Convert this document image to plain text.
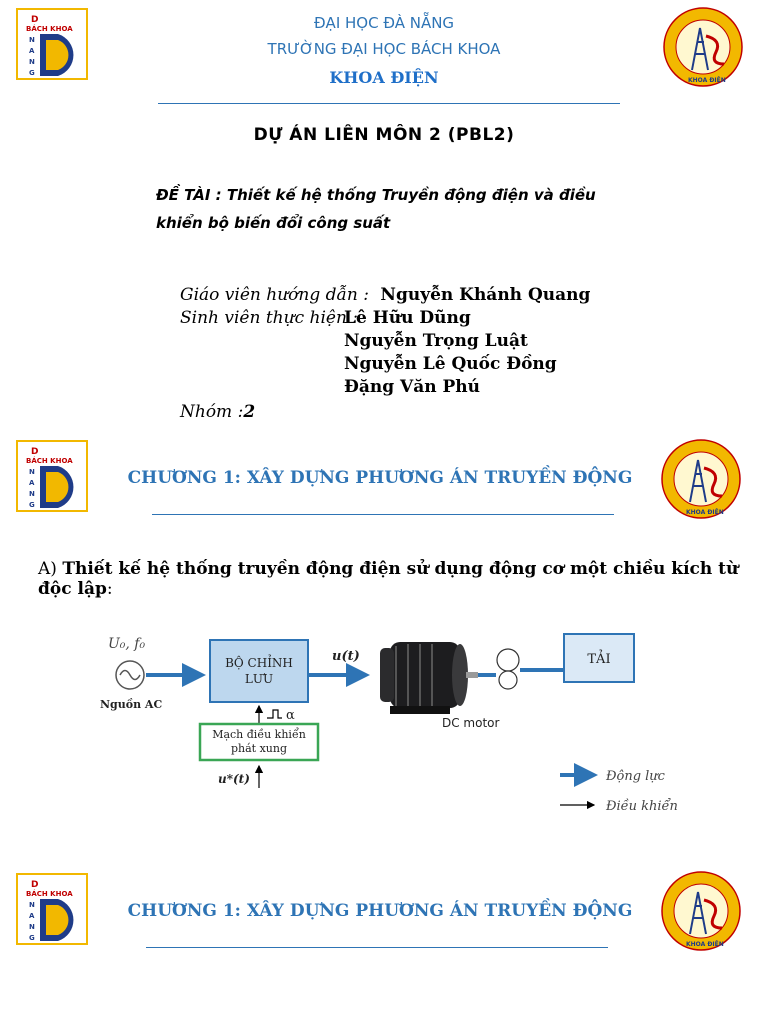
D
BÁCH KHOA
N
A
N
G
KHOA ĐIỆN
ĐẠI HỌC ĐÀ NẴNG
TRƯỜNG ĐẠI HỌC BÁCH KHOA
KHOA ĐIỆN
DỰ ÁN LIÊN MÔN 2 (PBL2)
ĐỀ TÀI : Thiết kế hệ thống Truyền động điện và điều
khiển bộ biến đổi công suất
Giáo viên hướng dẫn : Nguyễn Khánh Quang
Sinh viên thực hiện :
Lê Hữu Dũng
Nguyễn Trọng Luật
Nguyễn Lê Quốc Đồng
Đặng Văn Phú
Nhóm :2
D
BÁCH KHOA
N
A
N
G
KHOA ĐIỆN
CHƯƠNG 1: XÂY DỰNG PHƯƠNG ÁN TRUYỀN ĐỘNG
A) Thiết kế hệ thống truyền động điện sử dụng động cơ một chiều kích từ độc lập:
U₀, f₀
Nguồn AC
BỘ CHỈNH
LƯU
u(t)
α
Mạch điều khiển
phát xung
u*(t)
DC motor
TẢI
Động lực
Điều khiển
D
BÁCH KHOA
N
A
N
G
KHOA ĐIỆN
CHƯƠNG 1: XÂY DỰNG PHƯƠNG ÁN TRUYỀN ĐỘNG
